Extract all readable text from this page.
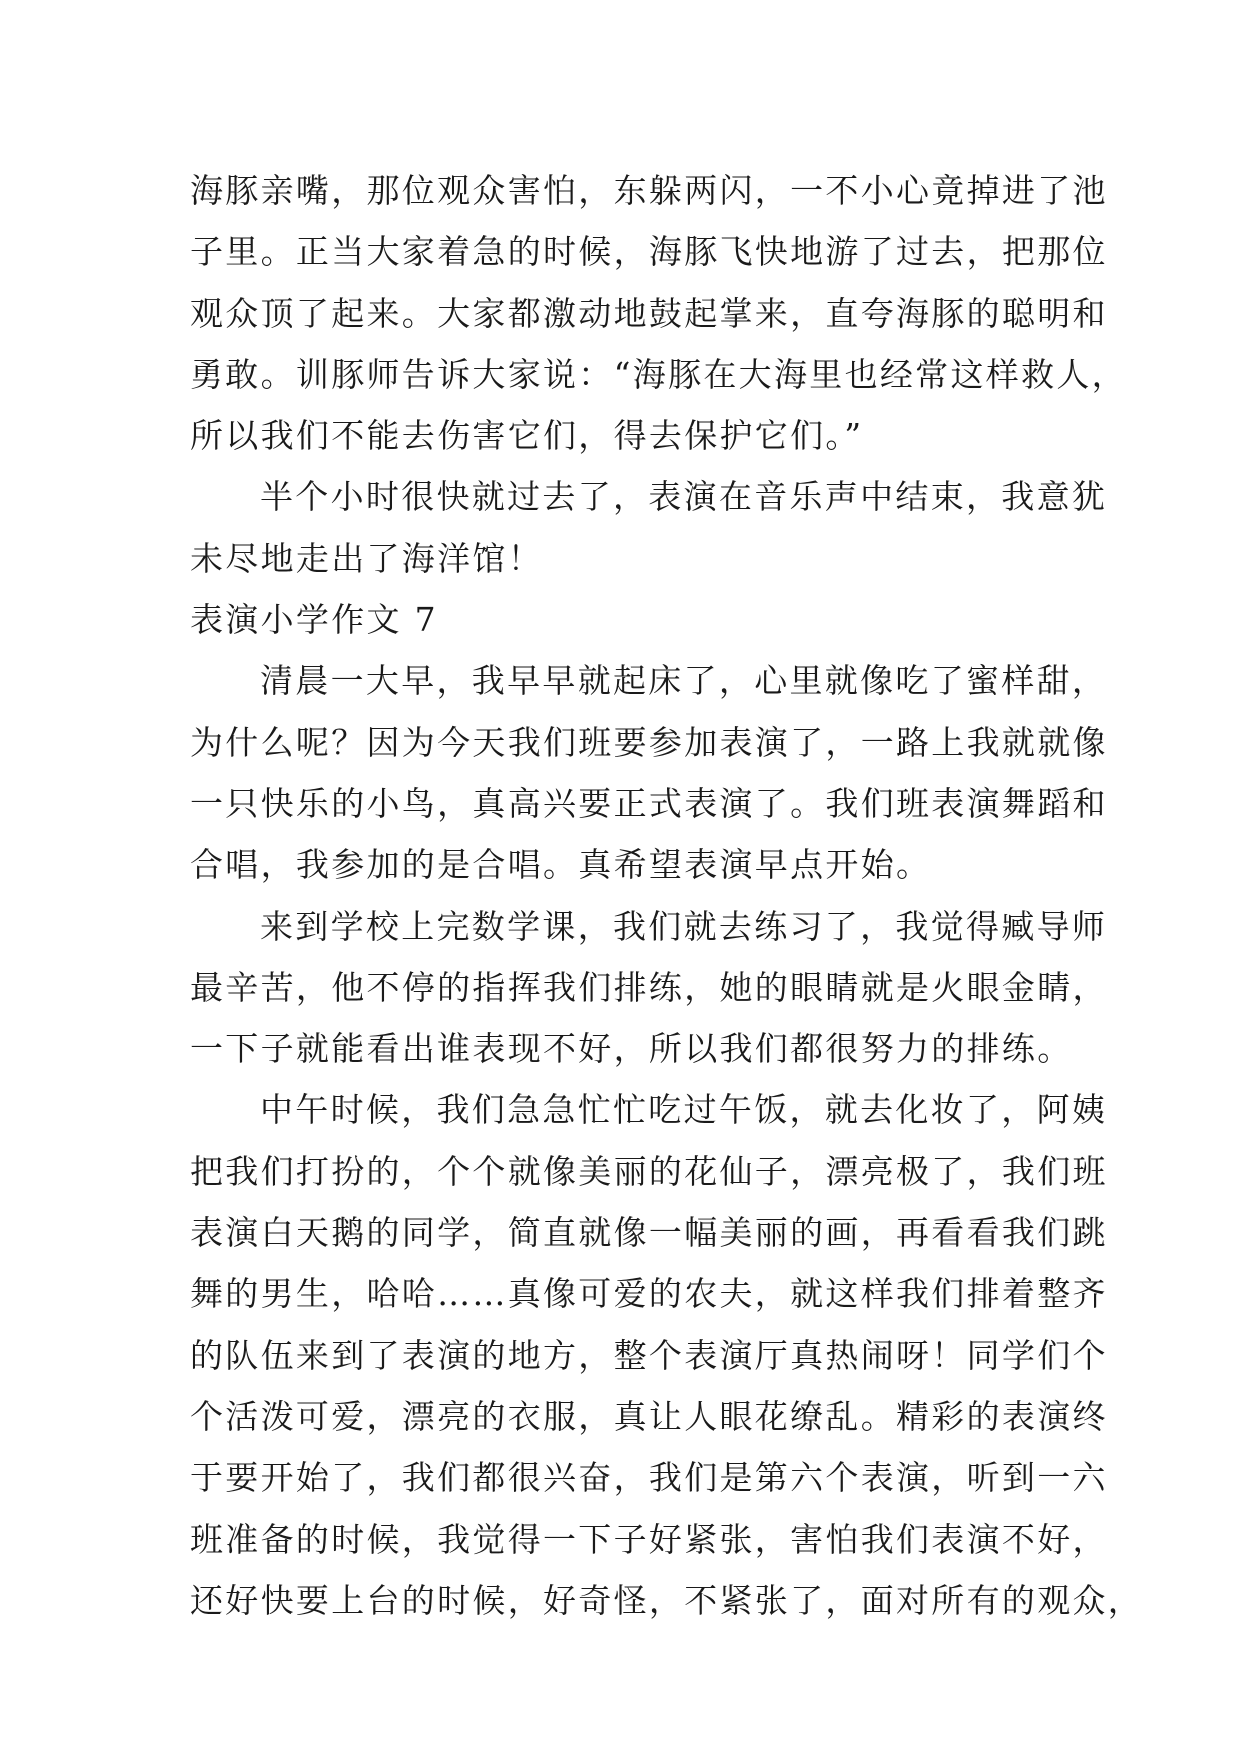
海豚亲嘴，那位观众害怕，东躲两闪，一不小心竟掉进了池
子里。正当大家着急的时候，海豚飞快地游了过去，把那位
观众顶了起来。大家都激动地鼓起掌来，直夸海豚的聪明和
勇敢。训豚师告诉大家说：“海豚在大海里也经常这样救人，
所以我们不能去伤害它们，得去保护它们。”
半个小时很快就过去了，表演在音乐声中结束，我意犹
未尽地走出了海洋馆！
表演小学作文 7
清晨一大早，我早早就起床了，心里就像吃了蜜样甜，
为什么呢？因为今天我们班要参加表演了，一路上我就就像
一只快乐的小鸟，真高兴要正式表演了。我们班表演舞蹈和
合唱，我参加的是合唱。真希望表演早点开始。
来到学校上完数学课，我们就去练习了，我觉得臧导师
最辛苦，他不停的指挥我们排练，她的眼睛就是火眼金睛，
一下子就能看出谁表现不好，所以我们都很努力的排练。
中午时候，我们急急忙忙吃过午饭，就去化妆了，阿姨
把我们打扮的，个个就像美丽的花仙子，漂亮极了，我们班
表演白天鹅的同学，简直就像一幅美丽的画，再看看我们跳
舞的男生，哈哈……真像可爱的农夫，就这样我们排着整齐
的队伍来到了表演的地方，整个表演厅真热闹呀！同学们个
个活泼可爱，漂亮的衣服，真让人眼花缭乱。精彩的表演终
于要开始了，我们都很兴奋，我们是第六个表演，听到一六
班准备的时候，我觉得一下子好紧张，害怕我们表演不好，
还好快要上台的时候，好奇怪，不紧张了，面对所有的观众，
